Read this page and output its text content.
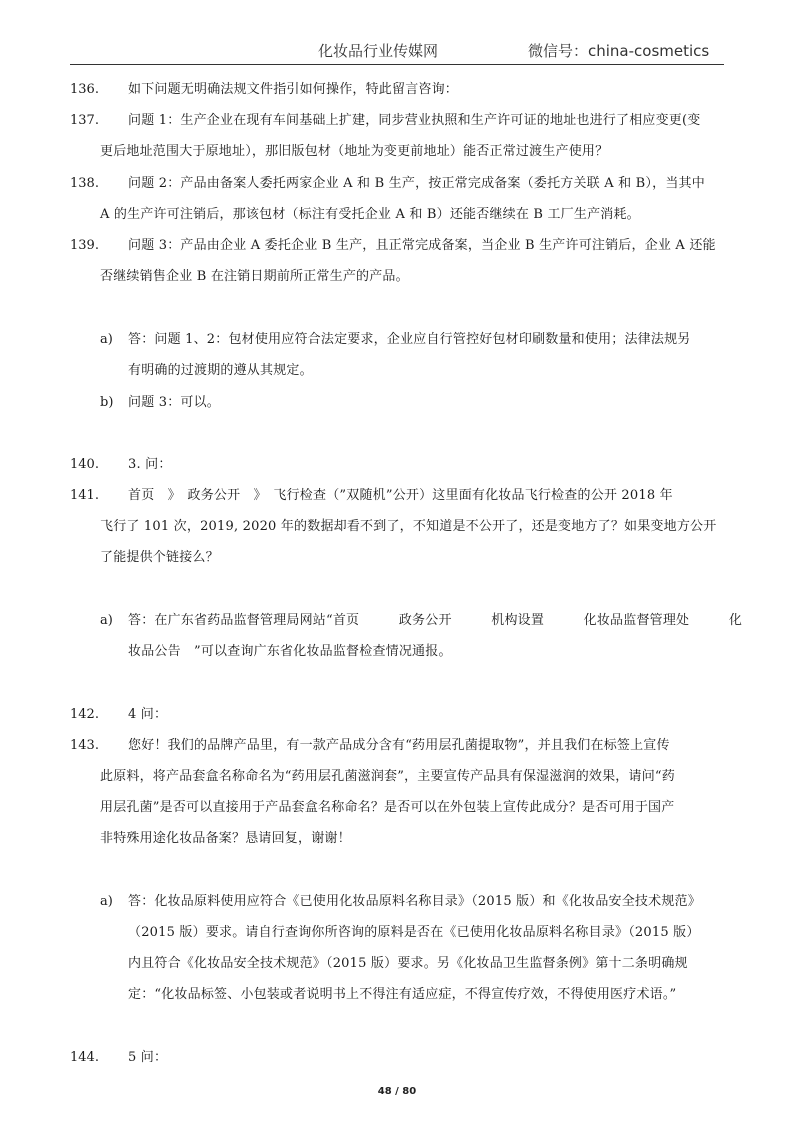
化妆品行业传媒网	微信号：china-cosmetics
136. 如下问题无明确法规文件指引如何操作，特此留言咨询：
137. 问题 1：生产企业在现有车间基础上扩建，同步营业执照和生产许可证的地址也进行了相应变更(变
更后地址范围大于原地址），那旧版包材（地址为变更前地址）能否正常过渡生产使用？
138. 问题 2：产品由备案人委托两家企业 A 和 B 生产，按正常完成备案（委托方关联 A 和 B），当其中
A 的生产许可注销后，那该包材（标注有受托企业 A 和 B）还能否继续在 B 工厂生产消耗。
139. 问题 3：产品由企业 A 委托企业 B 生产，且正常完成备案，当企业 B 生产许可注销后，企业 A 还能
否继续销售企业 B 在注销日期前所正常生产的产品。
a) 答：问题 1、2：包材使用应符合法定要求，企业应自行管控好包材印刷数量和使用；法律法规另
有明确的过渡期的遵从其规定。
b) 问题 3：可以。
140. 3. 问：
141. 首页　》　政务公开　》　飞行检查（”双随机”公开）这里面有化妆品飞行检查的公开 2018 年
飞行了 101 次，2019, 2020 年的数据却看不到了，不知道是不公开了，还是变地方了？如果变地方公开
了能提供个链接么？
a) 答：在广东省药品监督管理局网站“首页　　　政务公开　　　机构设置　　　化妆品监督管理处　　　化
妆品公告　”可以查询广东省化妆品监督检查情况通报。
142. 4 问：
143. 您好！我们的品牌产品里，有一款产品成分含有“药用层孔菌提取物”，并且我们在标签上宣传
此原料，将产品套盒名称命名为“药用层孔菌滋润套”，主要宣传产品具有保湿滋润的效果，请问“药
用层孔菌”是否可以直接用于产品套盒名称命名？是否可以在外包装上宣传此成分？是否可用于国产
非特殊用途化妆品备案？恳请回复，谢谢！
a) 答：化妆品原料使用应符合《已使用化妆品原料名称目录》（2015 版）和《化妆品安全技术规范》
（2015 版）要求。请自行查询你所咨询的原料是否在《已使用化妆品原料名称目录》（2015 版）
内且符合《化妆品安全技术规范》（2015 版）要求。另《化妆品卫生监督条例》第十二条明确规
定：“化妆品标签、小包装或者说明书上不得注有适应症，不得宣传疗效，不得使用医疗术语。”
144. 5 问：
48 / 80
